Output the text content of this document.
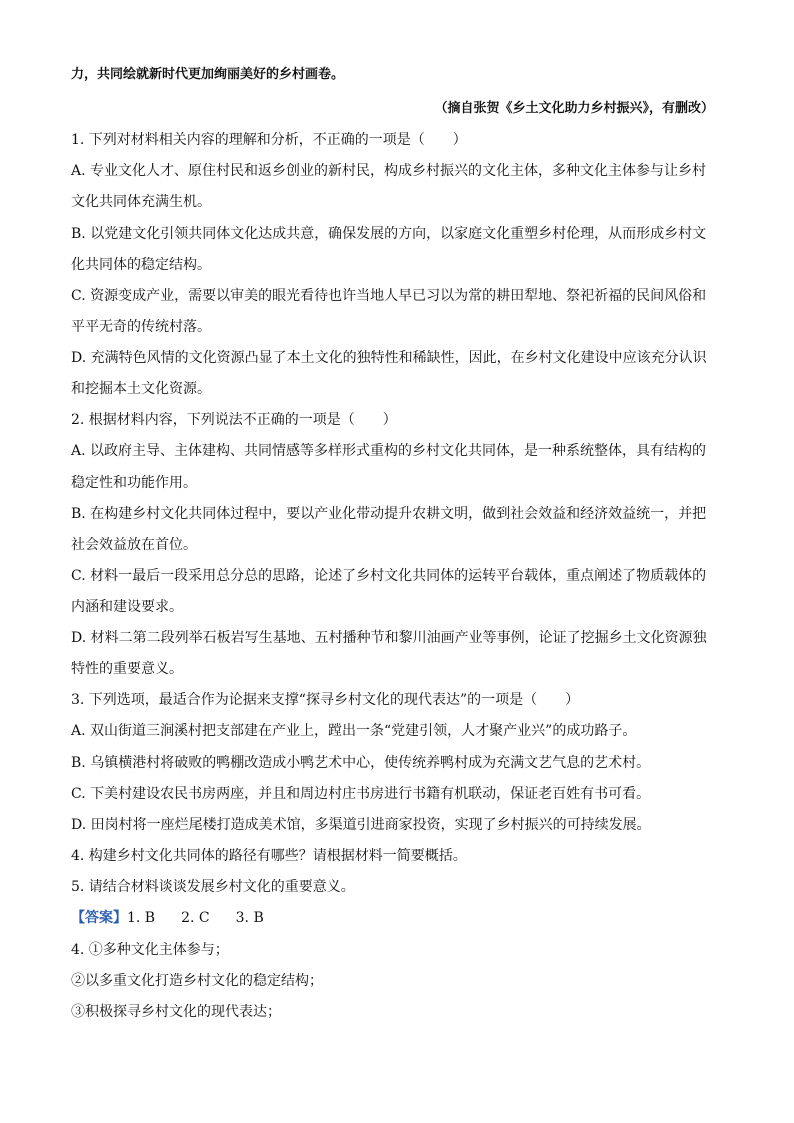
力，共同绘就新时代更加绚丽美好的乡村画卷。
（摘自张贺《乡土文化助力乡村振兴》，有删改）
1. 下列对材料相关内容的理解和分析，不正确的一项是（　　）
A. 专业文化人才、原住村民和返乡创业的新村民，构成乡村振兴的文化主体，多种文化主体参与让乡村
文化共同体充满生机。
B. 以党建文化引领共同体文化达成共意，确保发展的方向，以家庭文化重塑乡村伦理，从而形成乡村文
化共同体的稳定结构。
C. 资源变成产业，需要以审美的眼光看待也许当地人早已习以为常的耕田犁地、祭祀祈福的民间风俗和
平平无奇的传统村落。
D. 充满特色风情的文化资源凸显了本土文化的独特性和稀缺性，因此，在乡村文化建设中应该充分认识
和挖掘本土文化资源。
2. 根据材料内容，下列说法不正确的一项是（　　）
A. 以政府主导、主体建构、共同情感等多样形式重构的乡村文化共同体，是一种系统整体，具有结构的
稳定性和功能作用。
B. 在构建乡村文化共同体过程中，要以产业化带动提升农耕文明，做到社会效益和经济效益统一，并把
社会效益放在首位。
C. 材料一最后一段采用总分总的思路，论述了乡村文化共同体的运转平台载体，重点阐述了物质载体的
内涵和建设要求。
D. 材料二第二段列举石板岩写生基地、五村播种节和黎川油画产业等事例，论证了挖掘乡土文化资源独
特性的重要意义。
3. 下列选项，最适合作为论据来支撑“探寻乡村文化的现代表达”的一项是（　　）
A. 双山街道三涧溪村把支部建在产业上，蹚出一条“党建引领，人才聚产业兴”的成功路子。
B. 乌镇横港村将破败的鸭棚改造成小鸭艺术中心，使传统养鸭村成为充满文艺气息的艺术村。
C. 下美村建设农民书房两座，并且和周边村庄书房进行书籍有机联动，保证老百姓有书可看。
D. 田岗村将一座烂尾楼打造成美术馆，多渠道引进商家投资，实现了乡村振兴的可持续发展。
4. 构建乡村文化共同体的路径有哪些？请根据材料一简要概括。
5. 请结合材料谈谈发展乡村文化的重要意义。
【答案】1. B 2. C 3. B
4. ①多种文化主体参与；
②以多重文化打造乡村文化的稳定结构；
③积极探寻乡村文化的现代表达；
